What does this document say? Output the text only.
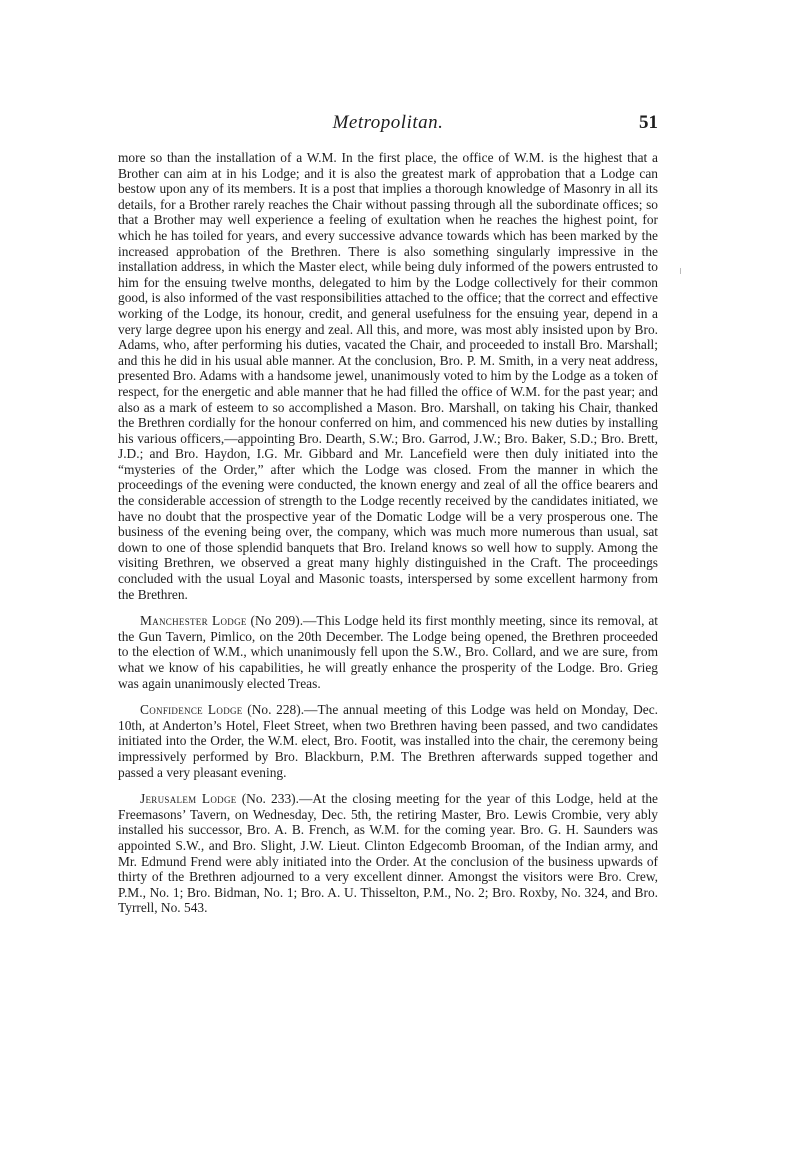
Metropolitan.	51

more so than the installation of a W.M. In the first place, the office of W.M. is the highest that a Brother can aim at in his Lodge; and it is also the greatest mark of approbation that a Lodge can bestow upon any of its members. It is a post that implies a thorough knowledge of Masonry in all its details, for a Brother rarely reaches the Chair without passing through all the subordinate offices; so that a Brother may well experience a feeling of exultation when he reaches the highest point, for which he has toiled for years, and every successive advance towards which has been marked by the increased approbation of the Brethren. There is also something singularly impressive in the installation address, in which the Master elect, while being duly informed of the powers entrusted to him for the ensuing twelve months, delegated to him by the Lodge collectively for their common good, is also informed of the vast responsibilities attached to the office; that the correct and effective working of the Lodge, its honour, credit, and general usefulness for the ensuing year, depend in a very large degree upon his energy and zeal. All this, and more, was most ably insisted upon by Bro. Adams, who, after performing his duties, vacated the Chair, and proceeded to install Bro. Marshall; and this he did in his usual able manner. At the conclusion, Bro. P. M. Smith, in a very neat address, presented Bro. Adams with a handsome jewel, unanimously voted to him by the Lodge as a token of respect, for the energetic and able manner that he had filled the office of W.M. for the past year; and also as a mark of esteem to so accomplished a Mason. Bro. Marshall, on taking his Chair, thanked the Brethren cordially for the honour conferred on him, and commenced his new duties by installing his various officers,—appointing Bro. Dearth, S.W.; Bro. Garrod, J.W.; Bro. Baker, S.D.; Bro. Brett, J.D.; and Bro. Haydon, I.G. Mr. Gibbard and Mr. Lancefield were then duly initiated into the “mysteries of the Order,” after which the Lodge was closed. From the manner in which the proceedings of the evening were conducted, the known energy and zeal of all the office bearers and the considerable accession of strength to the Lodge recently received by the candidates initiated, we have no doubt that the prospective year of the Domatic Lodge will be a very prosperous one. The business of the evening being over, the company, which was much more numerous than usual, sat down to one of those splendid banquets that Bro. Ireland knows so well how to supply. Among the visiting Brethren, we observed a great many highly distinguished in the Craft. The proceedings concluded with the usual Loyal and Masonic toasts, interspersed by some excellent harmony from the Brethren.

Manchester Lodge (No 209).—This Lodge held its first monthly meeting, since its removal, at the Gun Tavern, Pimlico, on the 20th December. The Lodge being opened, the Brethren proceeded to the election of W.M., which unanimously fell upon the S.W., Bro. Collard, and we are sure, from what we know of his capabilities, he will greatly enhance the prosperity of the Lodge. Bro. Grieg was again unanimously elected Treas.

Confidence Lodge (No. 228).—The annual meeting of this Lodge was held on Monday, Dec. 10th, at Anderton’s Hotel, Fleet Street, when two Brethren having been passed, and two candidates initiated into the Order, the W.M. elect, Bro. Footit, was installed into the chair, the ceremony being impressively performed by Bro. Blackburn, P.M. The Brethren afterwards supped together and passed a very pleasant evening.

Jerusalem Lodge (No. 233).—At the closing meeting for the year of this Lodge, held at the Freemasons’ Tavern, on Wednesday, Dec. 5th, the retiring Master, Bro. Lewis Crombie, very ably installed his successor, Bro. A. B. French, as W.M. for the coming year. Bro. G. H. Saunders was appointed S.W., and Bro. Slight, J.W. Lieut. Clinton Edgecomb Brooman, of the Indian army, and Mr. Edmund Frend were ably initiated into the Order. At the conclusion of the business upwards of thirty of the Brethren adjourned to a very excellent dinner. Amongst the visitors were Bro. Crew, P.M., No. 1; Bro. Bidman, No. 1; Bro. A. U. Thisselton, P.M., No. 2; Bro. Roxby, No. 324, and Bro. Tyrrell, No. 543.
